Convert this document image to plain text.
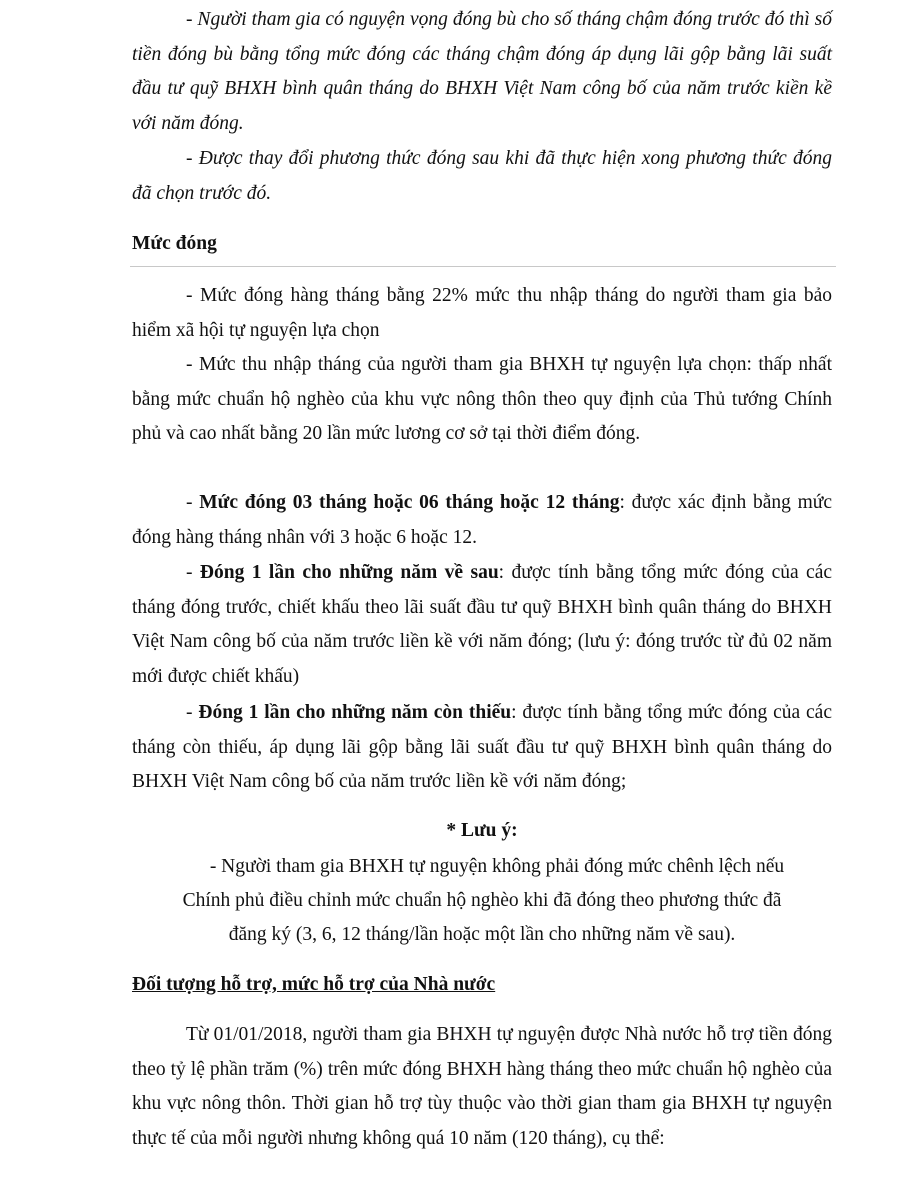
- Người tham gia có nguyện vọng đóng bù cho số tháng chậm đóng trước đó thì số tiền đóng bù bằng tổng mức đóng các tháng chậm đóng áp dụng lãi gộp bằng lãi suất đầu tư quỹ BHXH bình quân tháng do BHXH Việt Nam công bố của năm trước kiền kề với năm đóng.

- Được thay đổi phương thức đóng sau khi đã thực hiện xong phương thức đóng đã chọn trước đó.

Mức đóng

- Mức đóng hàng tháng bằng 22% mức thu nhập tháng do người tham gia bảo hiểm xã hội tự nguyện lựa chọn

- Mức thu nhập tháng của người tham gia BHXH tự nguyện lựa chọn: thấp nhất bằng mức chuẩn hộ nghèo của khu vực nông thôn theo quy định của Thủ tướng Chính phủ và cao nhất bằng 20 lần mức lương cơ sở tại thời điểm đóng.

- Mức đóng 03 tháng hoặc 06 tháng hoặc 12 tháng: được xác định bằng mức đóng hàng tháng nhân với 3 hoặc 6 hoặc 12.

- Đóng 1 lần cho những năm về sau: được tính bằng tổng mức đóng của các tháng đóng trước, chiết khấu theo lãi suất đầu tư quỹ BHXH bình quân tháng do BHXH Việt Nam công bố của năm trước liền kề với năm đóng; (lưu ý: đóng trước từ đủ 02 năm mới được chiết khấu)

- Đóng 1 lần cho những năm còn thiếu: được tính bằng tổng mức đóng của các tháng còn thiếu, áp dụng lãi gộp bằng lãi suất đầu tư quỹ BHXH bình quân tháng do BHXH Việt Nam công bố của năm trước liền kề với năm đóng;

* Lưu ý:

- Người tham gia BHXH tự nguyện không phải đóng mức chênh lệch nếu

Chính phủ điều chỉnh mức chuẩn hộ nghèo khi đã đóng theo phương thức đã

đăng ký (3, 6, 12 tháng/lần hoặc một lần cho những năm về sau).

Đối tượng hỗ trợ, mức hỗ trợ của Nhà nước

Từ 01/01/2018, người tham gia BHXH tự nguyện được Nhà nước hỗ trợ tiền đóng theo tỷ lệ phần trăm (%) trên mức đóng BHXH hàng tháng theo mức chuẩn hộ nghèo của khu vực nông thôn. Thời gian hỗ trợ tùy thuộc vào thời gian tham gia BHXH tự nguyện thực tế của mỗi người nhưng không quá 10 năm (120 tháng), cụ thể:
